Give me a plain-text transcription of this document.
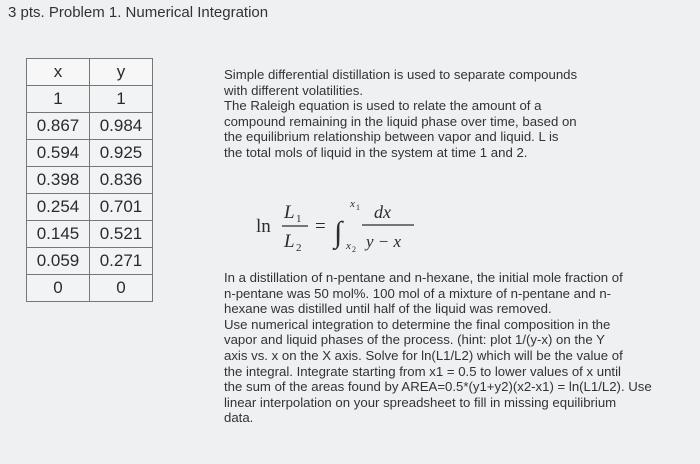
3 pts. Problem 1. Numerical Integration
x	y
1	1
0.867	0.984
0.594	0.925
0.398	0.836
0.254	0.701
0.145	0.521
0.059	0.271
0	0
Simple differential distillation is used to separate compounds
with different volatilities.
The Raleigh equation is used to relate the amount of a
compound remaining in the liquid phase over time, based on
the equilibrium relationship between vapor and liquid. L is
the total mols of liquid in the system at time 1 and 2.
ln
L 1
L 2
= ∫
x 1
x 2
dx
y − x
In a distillation of n-pentane and n-hexane, the initial mole fraction of
n-pentane was 50 mol%. 100 mol of a mixture of n-pentane and n-
hexane was distilled until half of the liquid was removed.
Use numerical integration to determine the final composition in the
vapor and liquid phases of the process. (hint: plot 1/(y-x) on the Y
axis vs. x on the X axis. Solve for ln(L1/L2) which will be the value of
the integral. Integrate starting from x1 = 0.5 to lower values of x until
the sum of the areas found by AREA=0.5*(y1+y2)(x2-x1) = ln(L1/L2). Use
linear interpolation on your spreadsheet to fill in missing equilibrium
data.
